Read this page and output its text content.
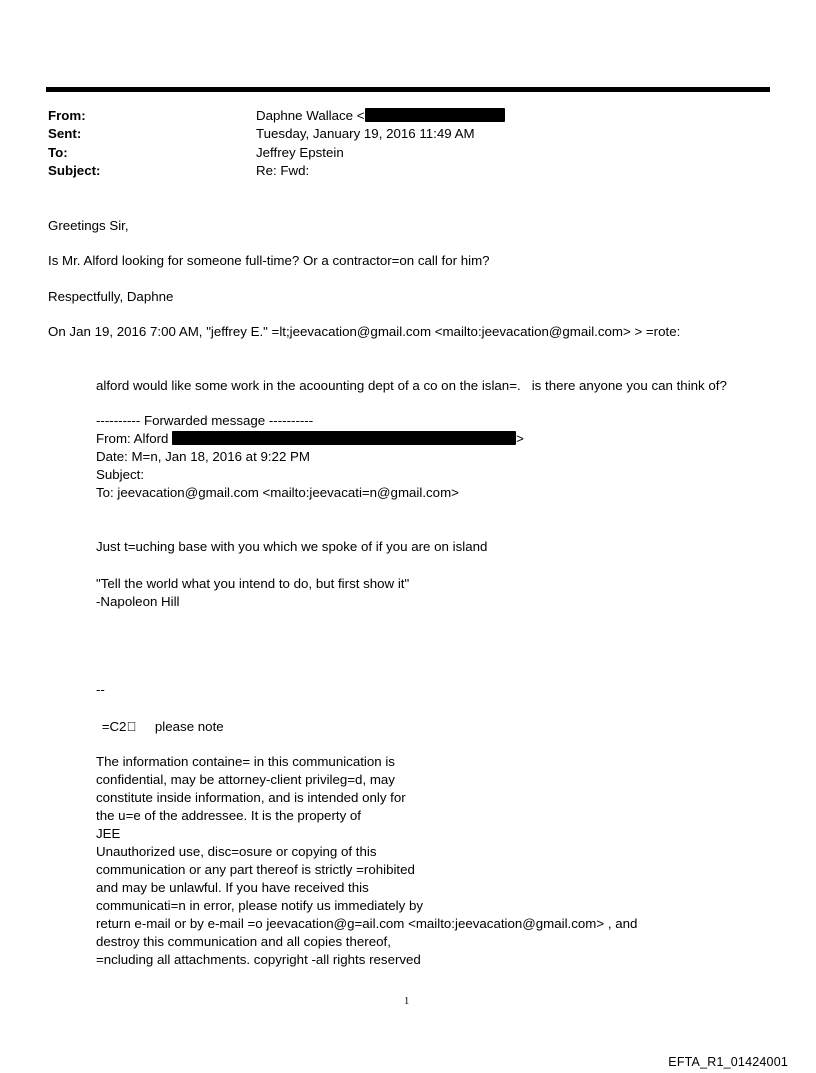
From:	Daphne Wallace <
Sent:	Tuesday, January 19, 2016 11:49 AM
To:	Jeffrey Epstein
Subject:	Re: Fwd:
Greetings Sir,
Is Mr. Alford looking for someone full-time? Or a contractor=on call for him?
Respectfully, Daphne
On Jan 19, 2016 7:00 AM, "jeffrey E." =lt;jeevacation@gmail.com <mailto:jeevacation@gmail.com> > =rote:
alford would like some work in the acoounting dept of a co on the islan=.   is there anyone you can think of?
---------- Forwarded message ----------
From: Alford	>
Date: M=n, Jan 18, 2016 at 9:22 PM
Subject:
To: jeevacation@gmail.com <mailto:jeevacati=n@gmail.com>
Just t=uching base with you which we spoke of if you are on island
"Tell the world what you intend to do, but first show it"
-Napoleon Hill
--
=C2      please note
The information containe= in this communication is
confidential, may be attorney-client privileg=d, may
constitute inside information, and is intended only for
the u=e of the addressee. It is the property of
JEE
Unauthorized use, disc=osure or copying of this
communication or any part thereof is strictly =rohibited
and may be unlawful. If you have received this
communicati=n in error, please notify us immediately by
return e-mail or by e-mail =o jeevacation@g=ail.com <mailto:jeevacation@gmail.com> , and
destroy this communication and all copies thereof,
=ncluding all attachments. copyright -all rights reserved
1
EFTA_R1_01424001
